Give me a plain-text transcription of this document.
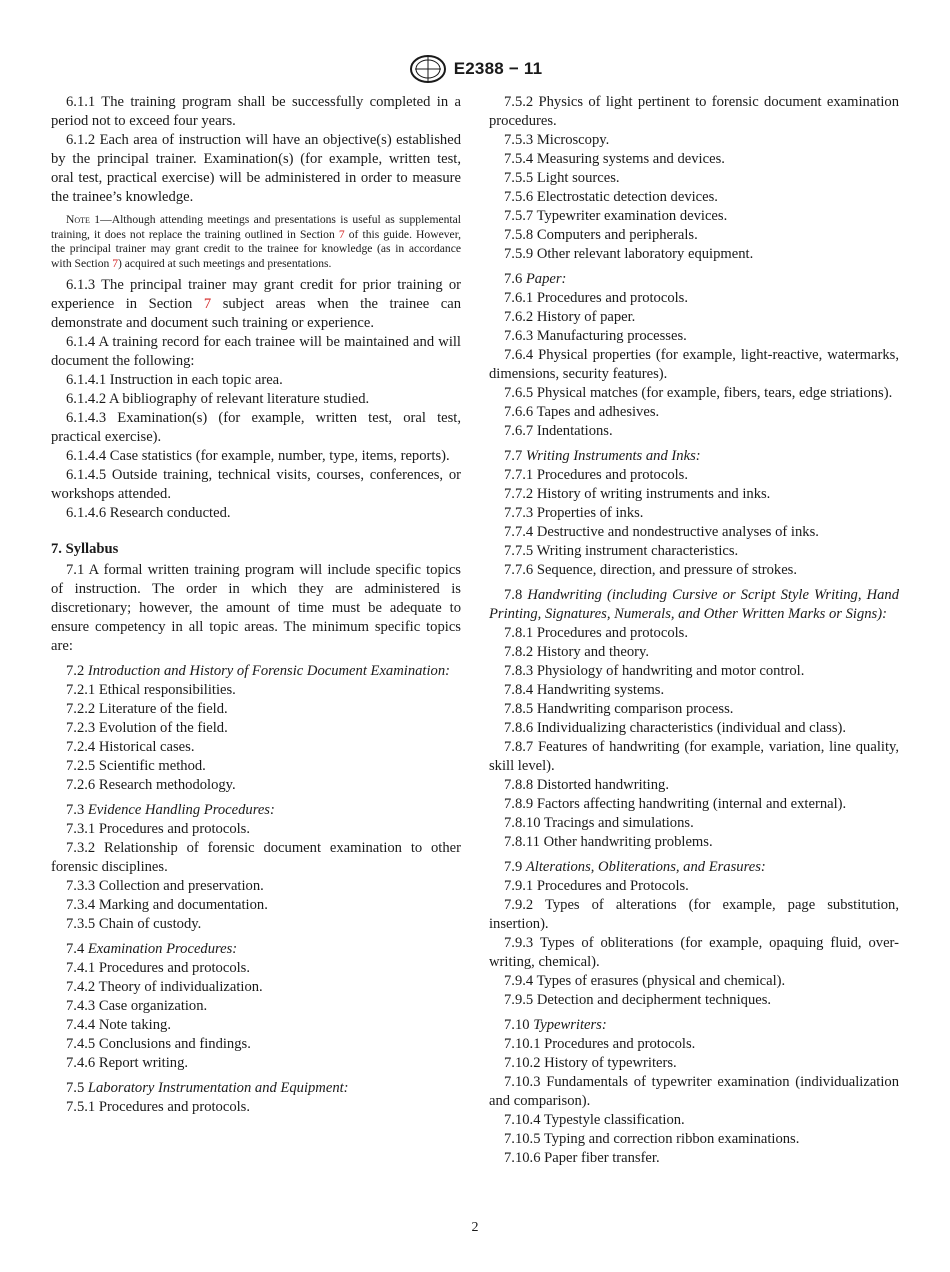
E2388 − 11

6.1.1 The training program shall be successfully completed in a period not to exceed four years.

6.1.2 Each area of instruction will have an objective(s) established by the principal trainer. Examination(s) (for example, written test, oral test, practical exercise) will be administered in order to measure the trainee’s knowledge.

Note 1—Although attending meetings and presentations is useful as supplemental training, it does not replace the training outlined in Section 7 of this guide. However, the principal trainer may grant credit to the trainee for knowledge (as in accordance with Section 7) acquired at such meetings and presentations.

6.1.3 The principal trainer may grant credit for prior training or experience in Section 7 subject areas when the trainee can demonstrate and document such training or experience.

6.1.4 A training record for each trainee will be maintained and will document the following:

6.1.4.1 Instruction in each topic area.

6.1.4.2 A bibliography of relevant literature studied.

6.1.4.3 Examination(s) (for example, written test, oral test, practical exercise).

6.1.4.4 Case statistics (for example, number, type, items, reports).

6.1.4.5 Outside training, technical visits, courses, conferences, or workshops attended.

6.1.4.6 Research conducted.

7. Syllabus

7.1 A formal written training program will include specific topics of instruction. The order in which they are administered is discretionary; however, the amount of time must be adequate to ensure competency in all topic areas. The minimum specific topics are:

7.2 Introduction and History of Forensic Document Examination:

7.2.1 Ethical responsibilities.

7.2.2 Literature of the field.

7.2.3 Evolution of the field.

7.2.4 Historical cases.

7.2.5 Scientific method.

7.2.6 Research methodology.

7.3 Evidence Handling Procedures:

7.3.1 Procedures and protocols.

7.3.2 Relationship of forensic document examination to other forensic disciplines.

7.3.3 Collection and preservation.

7.3.4 Marking and documentation.

7.3.5 Chain of custody.

7.4 Examination Procedures:

7.4.1 Procedures and protocols.

7.4.2 Theory of individualization.

7.4.3 Case organization.

7.4.4 Note taking.

7.4.5 Conclusions and findings.

7.4.6 Report writing.

7.5 Laboratory Instrumentation and Equipment:

7.5.1 Procedures and protocols.

7.5.2 Physics of light pertinent to forensic document examination procedures.

7.5.3 Microscopy.

7.5.4 Measuring systems and devices.

7.5.5 Light sources.

7.5.6 Electrostatic detection devices.

7.5.7 Typewriter examination devices.

7.5.8 Computers and peripherals.

7.5.9 Other relevant laboratory equipment.

7.6 Paper:

7.6.1 Procedures and protocols.

7.6.2 History of paper.

7.6.3 Manufacturing processes.

7.6.4 Physical properties (for example, light-reactive, watermarks, dimensions, security features).

7.6.5 Physical matches (for example, fibers, tears, edge striations).

7.6.6 Tapes and adhesives.

7.6.7 Indentations.

7.7 Writing Instruments and Inks:

7.7.1 Procedures and protocols.

7.7.2 History of writing instruments and inks.

7.7.3 Properties of inks.

7.7.4 Destructive and nondestructive analyses of inks.

7.7.5 Writing instrument characteristics.

7.7.6 Sequence, direction, and pressure of strokes.

7.8 Handwriting (including Cursive or Script Style Writing, Hand Printing, Signatures, Numerals, and Other Written Marks or Signs):

7.8.1 Procedures and protocols.

7.8.2 History and theory.

7.8.3 Physiology of handwriting and motor control.

7.8.4 Handwriting systems.

7.8.5 Handwriting comparison process.

7.8.6 Individualizing characteristics (individual and class).

7.8.7 Features of handwriting (for example, variation, line quality, skill level).

7.8.8 Distorted handwriting.

7.8.9 Factors affecting handwriting (internal and external).

7.8.10 Tracings and simulations.

7.8.11 Other handwriting problems.

7.9 Alterations, Obliterations, and Erasures:

7.9.1 Procedures and Protocols.

7.9.2 Types of alterations (for example, page substitution, insertion).

7.9.3 Types of obliterations (for example, opaquing fluid, over-writing, chemical).

7.9.4 Types of erasures (physical and chemical).

7.9.5 Detection and decipherment techniques.

7.10 Typewriters:

7.10.1 Procedures and protocols.

7.10.2 History of typewriters.

7.10.3 Fundamentals of typewriter examination (individualization and comparison).

7.10.4 Typestyle classification.

7.10.5 Typing and correction ribbon examinations.

7.10.6 Paper fiber transfer.

2
